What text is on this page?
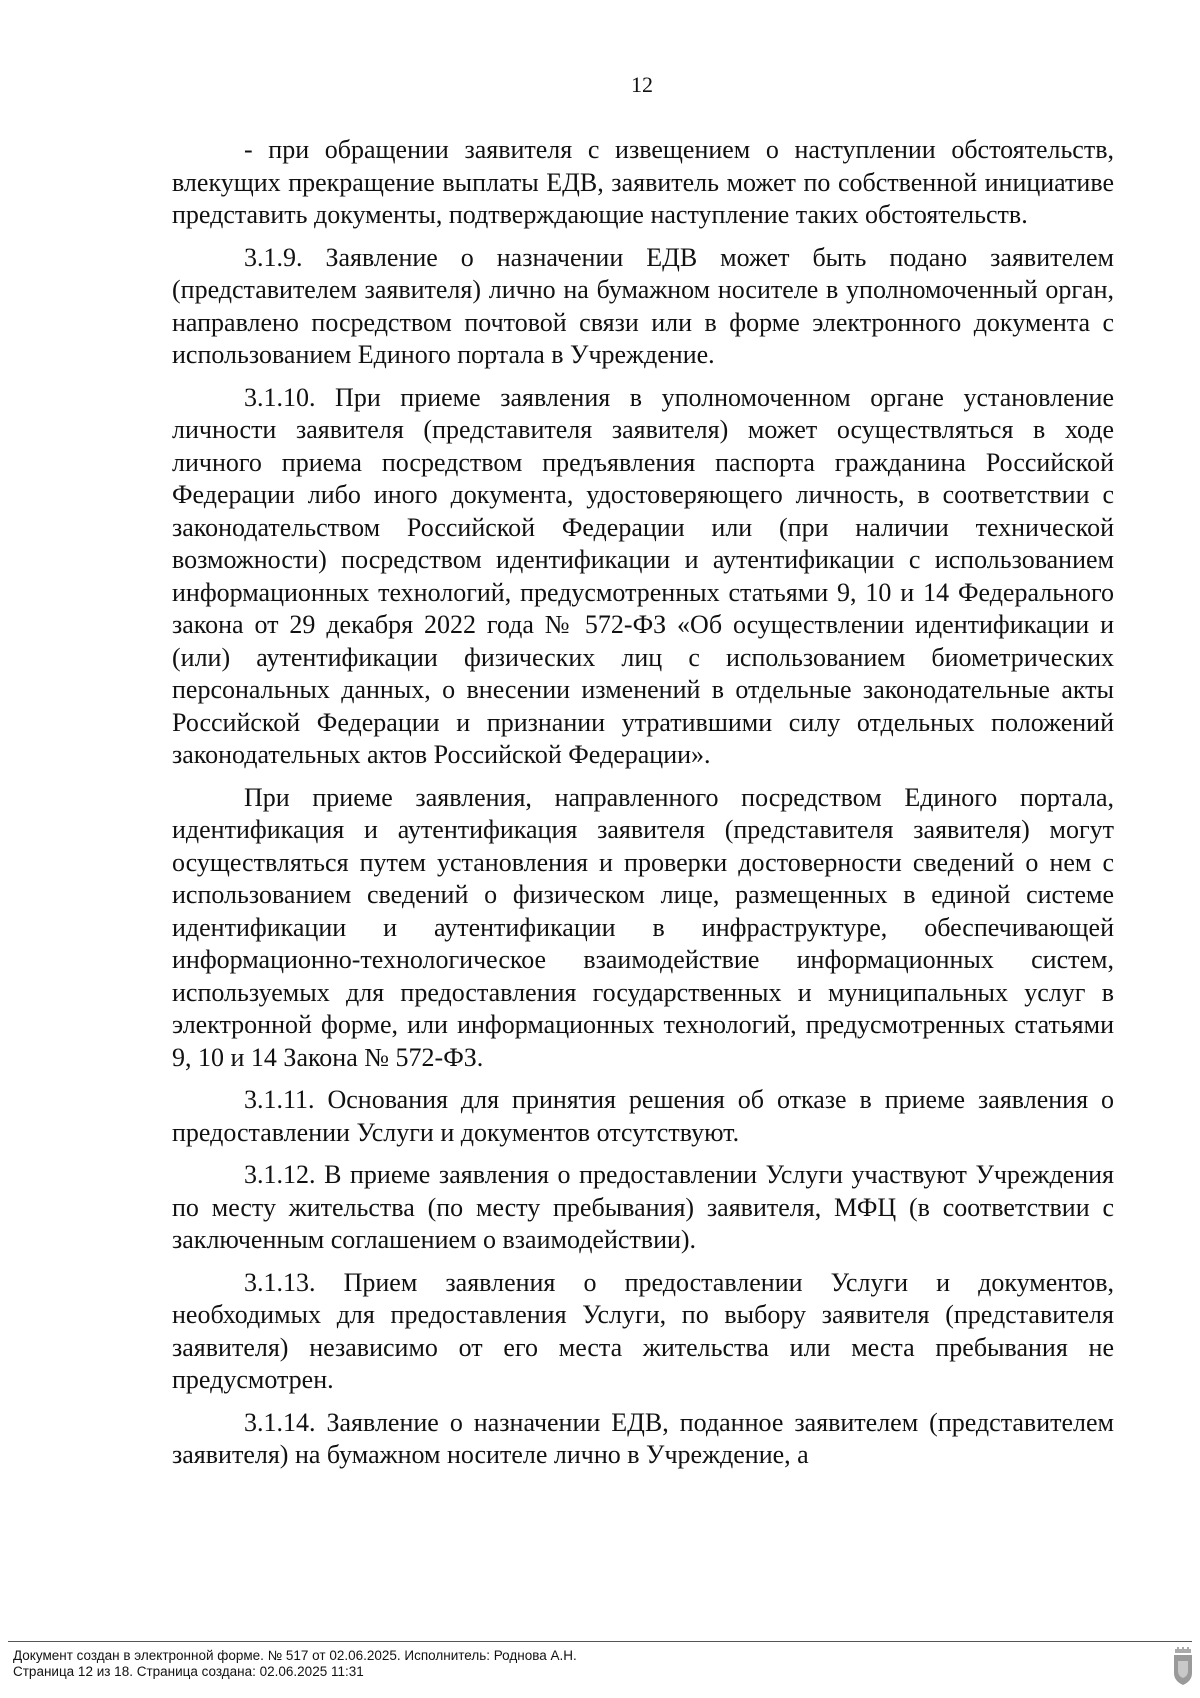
12

- при обращении заявителя с извещением о наступлении обстоятельств, влекущих прекращение выплаты ЕДВ, заявитель может по собственной инициативе представить документы, подтверждающие наступление таких обстоятельств.

3.1.9. Заявление о назначении ЕДВ может быть подано заявителем (представителем заявителя) лично на бумажном носителе в уполномоченный орган, направлено посредством почтовой связи или в форме электронного документа с использованием Единого портала в Учреждение.

3.1.10. При приеме заявления в уполномоченном органе установление личности заявителя (представителя заявителя) может осуществляться в ходе личного приема посредством предъявления паспорта гражданина Российской Федерации либо иного документа, удостоверяющего личность, в соответствии с законодательством Российской Федерации или (при наличии технической возможности) посредством идентификации и аутентификации с использованием информационных технологий, предусмотренных статьями 9, 10 и 14 Федерального закона от 29 декабря 2022 года № 572-ФЗ «Об осуществлении идентификации и (или) аутентификации физических лиц с использованием биометрических персональных данных, о внесении изменений в отдельные законодательные акты Российской Федерации и признании утратившими силу отдельных положений законодательных актов Российской Федерации».

При приеме заявления, направленного посредством Единого портала, идентификация и аутентификация заявителя (представителя заявителя) могут осуществляться путем установления и проверки достоверности сведений о нем с использованием сведений о физическом лице, размещенных в единой системе идентификации и аутентификации в инфраструктуре, обеспечивающей информационно-технологическое взаимодействие информационных систем, используемых для предоставления государственных и муниципальных услуг в электронной форме, или информационных технологий, предусмотренных статьями 9, 10 и 14 Закона № 572-ФЗ.

3.1.11. Основания для принятия решения об отказе в приеме заявления о предоставлении Услуги и документов отсутствуют.

3.1.12. В приеме заявления о предоставлении Услуги участвуют Учреждения по месту жительства (по месту пребывания) заявителя, МФЦ (в соответствии с заключенным соглашением о взаимодействии).

3.1.13. Прием заявления о предоставлении Услуги и документов, необходимых для предоставления Услуги, по выбору заявителя (представителя заявителя) независимо от его места жительства или места пребывания не предусмотрен.

3.1.14. Заявление о назначении ЕДВ, поданное заявителем (представителем заявителя) на бумажном носителе лично в Учреждение, а

Документ создан в электронной форме. № 517 от 02.06.2025. Исполнитель: Роднова А.Н.
Страница 12 из 18. Страница создана: 02.06.2025 11:31
